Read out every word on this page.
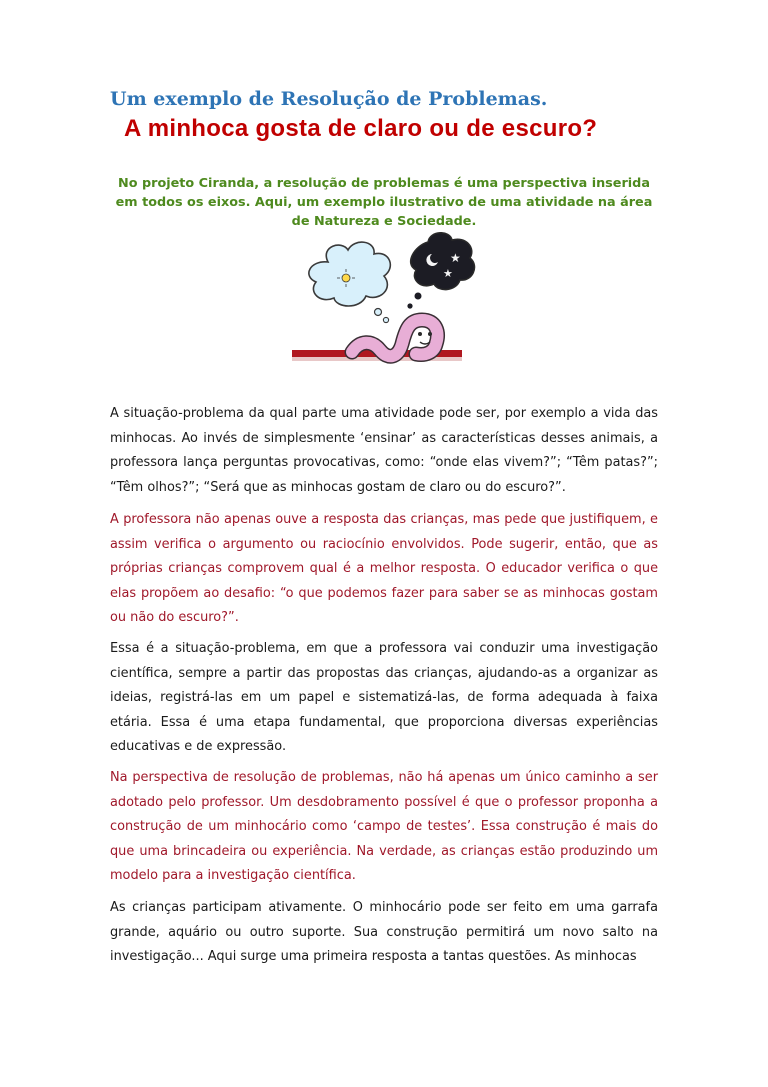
Um exemplo de Resolução de Problemas.
A minhoca gosta de claro ou de escuro?
No projeto Ciranda, a resolução de problemas é uma perspectiva inserida em todos os eixos. Aqui, um exemplo ilustrativo de uma atividade na área de Natureza e Sociedade.
★
★
A situação-problema da qual parte uma atividade pode ser, por exemplo a vida das minhocas. Ao invés de simplesmente ‘ensinar’ as características desses animais, a professora lança perguntas provocativas, como: “onde elas vivem?”; “Têm patas?”; “Têm olhos?”; “Será que as minhocas gostam de claro ou do escuro?”.
A professora não apenas ouve a resposta das crianças, mas pede que justifiquem, e assim verifica o argumento ou raciocínio envolvidos. Pode sugerir, então, que as próprias crianças comprovem qual é a melhor resposta. O educador verifica o que elas propõem ao desafio: “o que podemos fazer para saber se as minhocas gostam ou não do escuro?”.
Essa é a situação-problema, em que a professora vai conduzir uma investigação científica, sempre a partir das propostas das crianças, ajudando-as a organizar as ideias, registrá-las em um papel e sistematizá-las, de forma adequada à faixa etária. Essa é uma etapa fundamental, que proporciona diversas experiências educativas e de expressão.
Na perspectiva de resolução de problemas, não há apenas um único caminho a ser adotado pelo professor. Um desdobramento possível é que o professor proponha a construção de um minhocário como ‘campo de testes’. Essa construção é mais do que uma brincadeira ou experiência. Na verdade, as crianças estão produzindo um modelo para a investigação científica.
As crianças participam ativamente. O minhocário pode ser feito em uma garrafa grande, aquário ou outro suporte. Sua construção permitirá um novo salto na investigação... Aqui surge uma primeira resposta a tantas questões. As minhocas
